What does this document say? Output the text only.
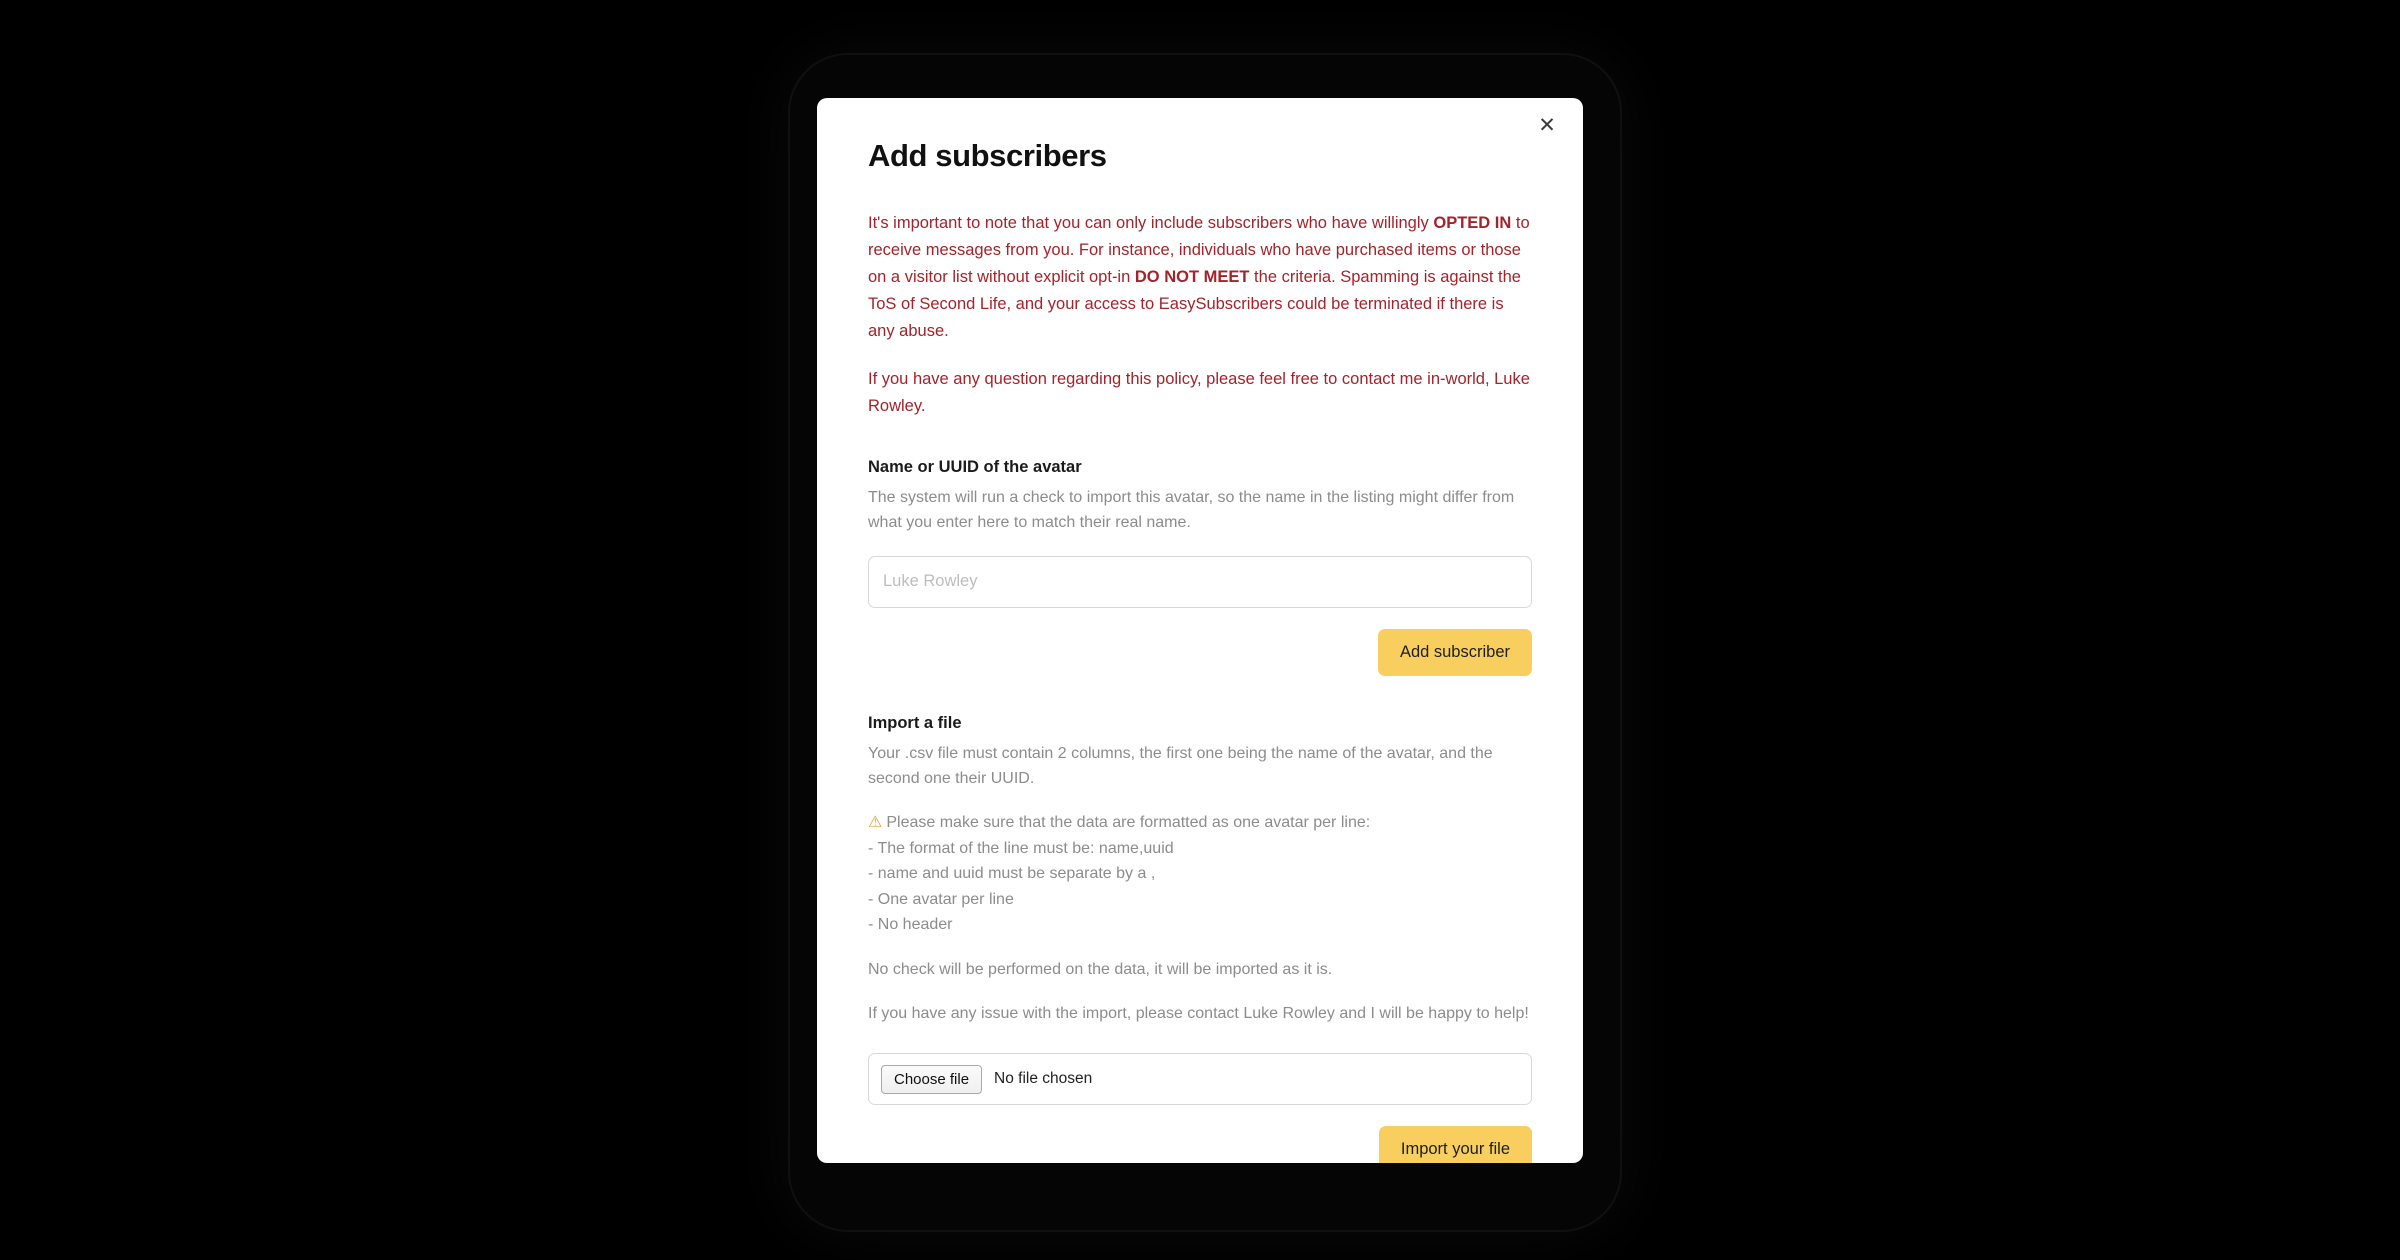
✕
Add subscribers

It's important to note that you can only include subscribers who have willingly OPTED IN to receive messages from you. For instance, individuals who have purchased items or those on a visitor list without explicit opt-in DO NOT MEET the criteria. Spamming is against the ToS of Second Life, and your access to EasySubscribers could be terminated if there is any abuse.

If you have any question regarding this policy, please feel free to contact me in-world, Luke Rowley.

Name or UUID of the avatar

The system will run a check to import this avatar, so the name in the listing might differ from what you enter here to match their real name.

Luke Rowley
Add subscriber
Import a file

Your .csv file must contain 2 columns, the first one being the name of the avatar, and the second one their UUID.

⚠ Please make sure that the data are formatted as one avatar per line:
- The format of the line must be: name,uuid
- name and uuid must be separate by a ,
- One avatar per line
- No header

No check will be performed on the data, it will be imported as it is.

If you have any issue with the import, please contact Luke Rowley and I will be happy to help!

Choose file	No file chosen
Import your file
